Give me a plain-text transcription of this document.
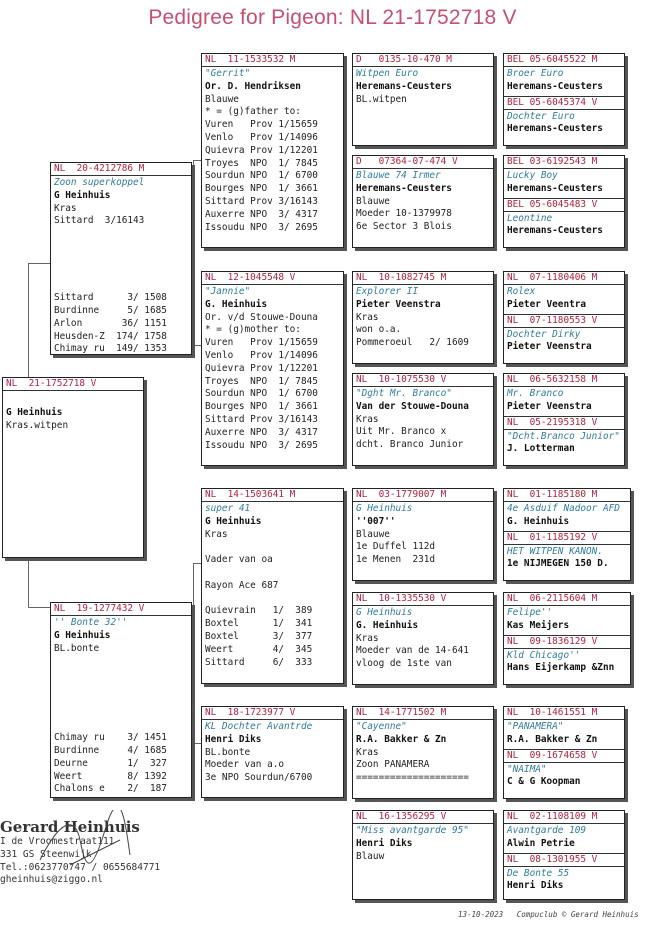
Pedigree for Pigeon: NL 21-1752718 V
NL  21-1752718 V
G Heinhuis
Kras.witpen
NL  20-4212786 M
Zoon superkoppel
G Heinhuis
Kras
Sittard  3/16143
Sittard      3/ 1508
Burdinne     5/ 1685
Arlon       36/ 1151
Heusden-Z  174/ 1758
Chimay ru  149/ 1353
NL  19-1277432 V
'' Bonte 32''
G Heinhuis
BL.bonte
Chimay ru    3/ 1451
Burdinne     4/ 1685
Deurne       1/  327
Weert        8/ 1392
Chalons e    2/  187
NL  11-1533532 M
"Gerrit"
Or. D. Hendriksen
Blauwe
* = (g)father to:
Vuren   Prov 1/15659
Venlo   Prov 1/14096
Quievra Prov 1/12201
Troyes  NPO  1/ 7845
Sourdun NPO  1/ 6700
Bourges NPO  1/ 3661
Sittard Prov 3/16143
Auxerre NPO  3/ 4317
Issoudu NPO  3/ 2695
NL  12-1045548 V
"Jannie"
G. Heinhuis
Or. v/d Stouwe-Douna
* = (g)mother to:
Vuren   Prov 1/15659
Venlo   Prov 1/14096
Quievra Prov 1/12201
Troyes  NPO  1/ 7845
Sourdun NPO  1/ 6700
Bourges NPO  1/ 3661
Sittard Prov 3/16143
Auxerre NPO  3/ 4317
Issoudu NPO  3/ 2695
NL  14-1503641 M
super 41
G Heinhuis
Kras
Vader van oa
Rayon Ace 687
Quievrain   1/  389
Boxtel      1/  341
Boxtel      3/  377
Weert       4/  345
Sittard     6/  333
NL  18-1723977 V
KL Dochter Avantrde
Henri Diks
BL.bonte
Moeder van a.o
3e NPO Sourdun/6700
D   0135-10-470 M
Witpen Euro
Heremans-Ceusters
BL.witpen
D   07364-07-474 V
Blauwe 74 Irmer
Heremans-Ceusters
Blauwe
Moeder 10-1379978
6e Sector 3 Blois
NL  10-1082745 M
Explorer II
Pieter Veenstra
Kras
won o.a.
Pommeroeul   2/ 1609
NL  10-1075530 V
"Dght Mr. Branco"
Van der Stouwe-Douna
Kras
Uit Mr. Branco x
dcht. Branco Junior
NL  03-1779007 M
G Heinhuis
''007''
Blauwe
1e Duffel 112d
1e Menen  231d
NL  10-1335530 V
G Heinhuis
G. Heinhuis
Kras
Moeder van de 14-641
vloog de 1ste van
NL  14-1771502 M
"Cayenne"
R.A. Bakker & Zn
Kras
Zoon PANAMERA
====================
NL  16-1356295 V
"Miss avantgarde 95"
Henri Diks
Blauw
BEL 05-6045522 M
Broer Euro
Heremans-Ceusters
BEL 05-6045374 V
Dochter Euro
Heremans-Ceusters
BEL 03-6192543 M
Lucky Boy
Heremans-Ceusters
BEL 05-6045483 V
Leontine
Heremans-Ceusters
NL  07-1180406 M
Rolex
Pieter Veentra
NL  07-1180553 V
Dochter Dirky
Pieter Veenstra
NL  06-5632158 M
Mr. Branco
Pieter Veenstra
NL  05-2195318 V
"Dcht.Branco Junior"
J. Lotterman
NL  01-1185180 M
4e Asduif Nadoor AFD
G. Heinhuis
NL  01-1185192 V
HET WITPEN KANON.
1e NIJMEGEN 150 D.
NL  06-2115604 M
Felipe''
Kas Meijers
NL  09-1836129 V
Kld Chicago''
Hans Eijerkamp &Znn
NL  10-1461551 M
"PANAMERA"
R.A. Bakker & Zn
NL  09-1674658 V
"NAIMA"
C & G Koopman
NL  02-1108109 M
Avantgarde 109
Alwin Petrie
NL  08-1301955 V
De Bonte 55
Henri Diks
Gerard Heinhuis
I de Vroomestraat111
331 GS Steenwijk
Tel.:0623770747 / 0655684771
gheinhuis@ziggo.nl
13-10-2023   Compuclub © Gerard Heinhuis
